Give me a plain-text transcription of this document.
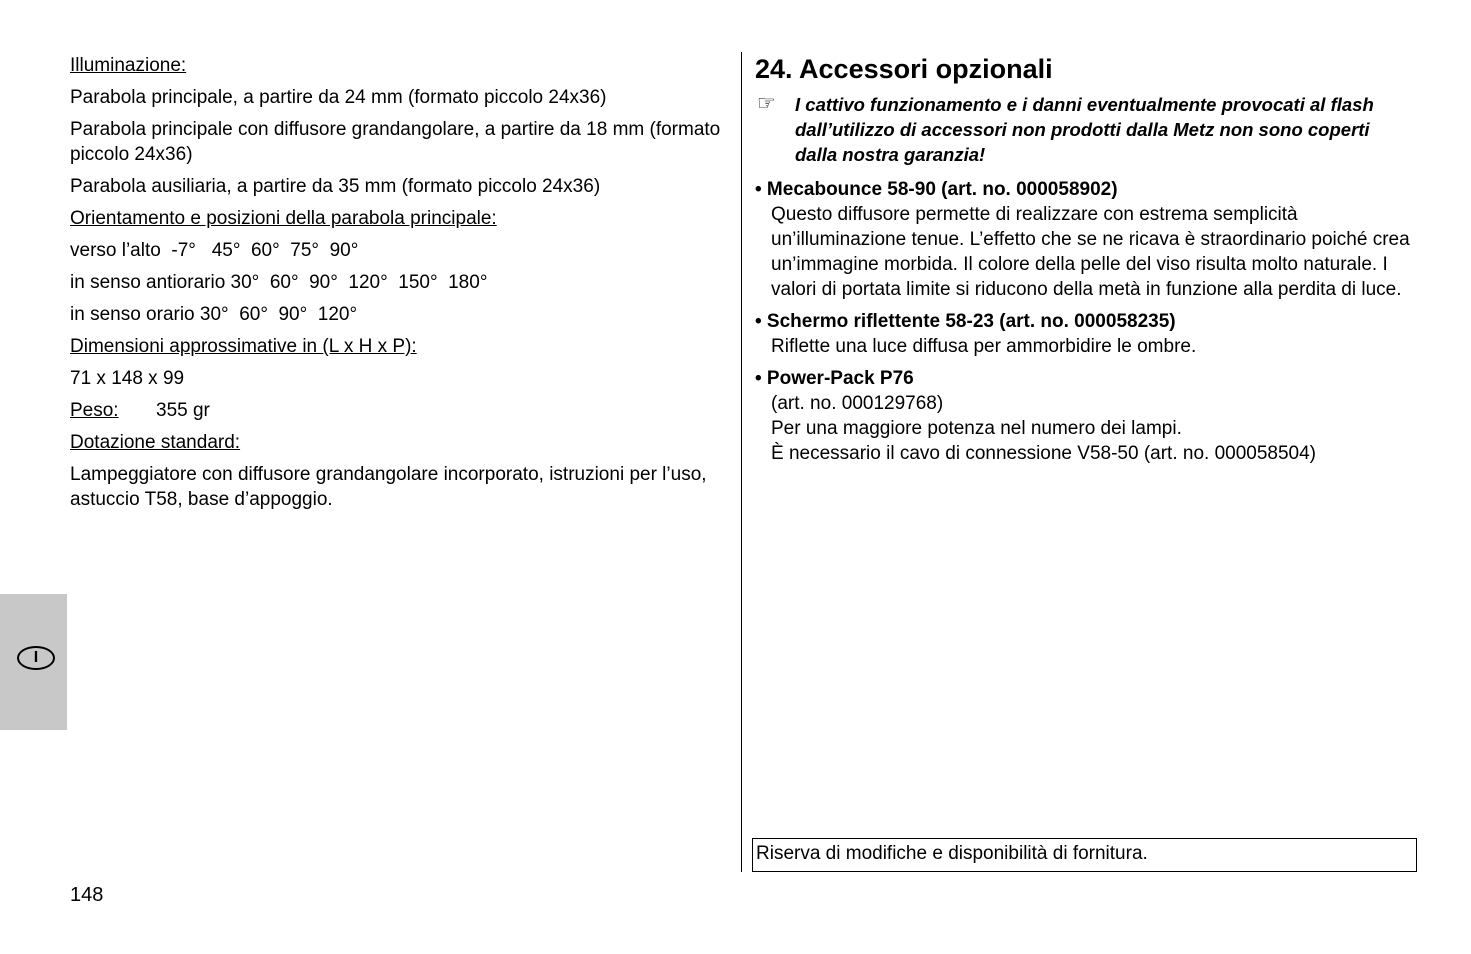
Illuminazione:
Parabola principale, a partire da 24 mm (formato piccolo 24x36)
Parabola principale con diffusore grandangolare, a partire da 18 mm (formato piccolo 24x36)
Parabola ausiliaria, a partire da 35 mm (formato piccolo 24x36)
Orientamento e posizioni della parabola principale:
verso l’alto  -7°   45°  60°  75°  90°
in senso antiorario 30°  60°  90°  120°  150°  180°
in senso orario 30°  60°  90°  120°
Dimensioni approssimative in (L x H x P):
71 x 148 x 99
Peso: 355 gr
Dotazione standard:
Lampeggiatore con diffusore grandangolare incorporato, istruzioni per l’uso, astuccio T58, base d’appoggio.
I
148
24. Accessori opzionali
☞ I cattivo funzionamento e i danni eventualmente provocati al flash dall’utilizzo di accessori non prodotti dalla Metz non sono coperti dalla nostra garanzia!
• Mecabounce 58-90 (art. no. 000058902)
Questo diffusore permette di realizzare con estrema semplicità un’illuminazione tenue. L’effetto che se ne ricava è straordinario poiché crea un’immagine morbida. Il colore della pelle del viso risulta molto naturale. I valori di portata limite si riducono della metà in funzione alla perdita di luce.
• Schermo riflettente 58-23 (art. no. 000058235)
Riflette una luce diffusa per ammorbidire le ombre.
• Power-Pack P76
(art. no. 000129768)
Per una maggiore potenza nel numero dei lampi.
È necessario il cavo di connessione V58-50 (art. no. 000058504)
Riserva di modifiche e disponibilità di fornitura.
